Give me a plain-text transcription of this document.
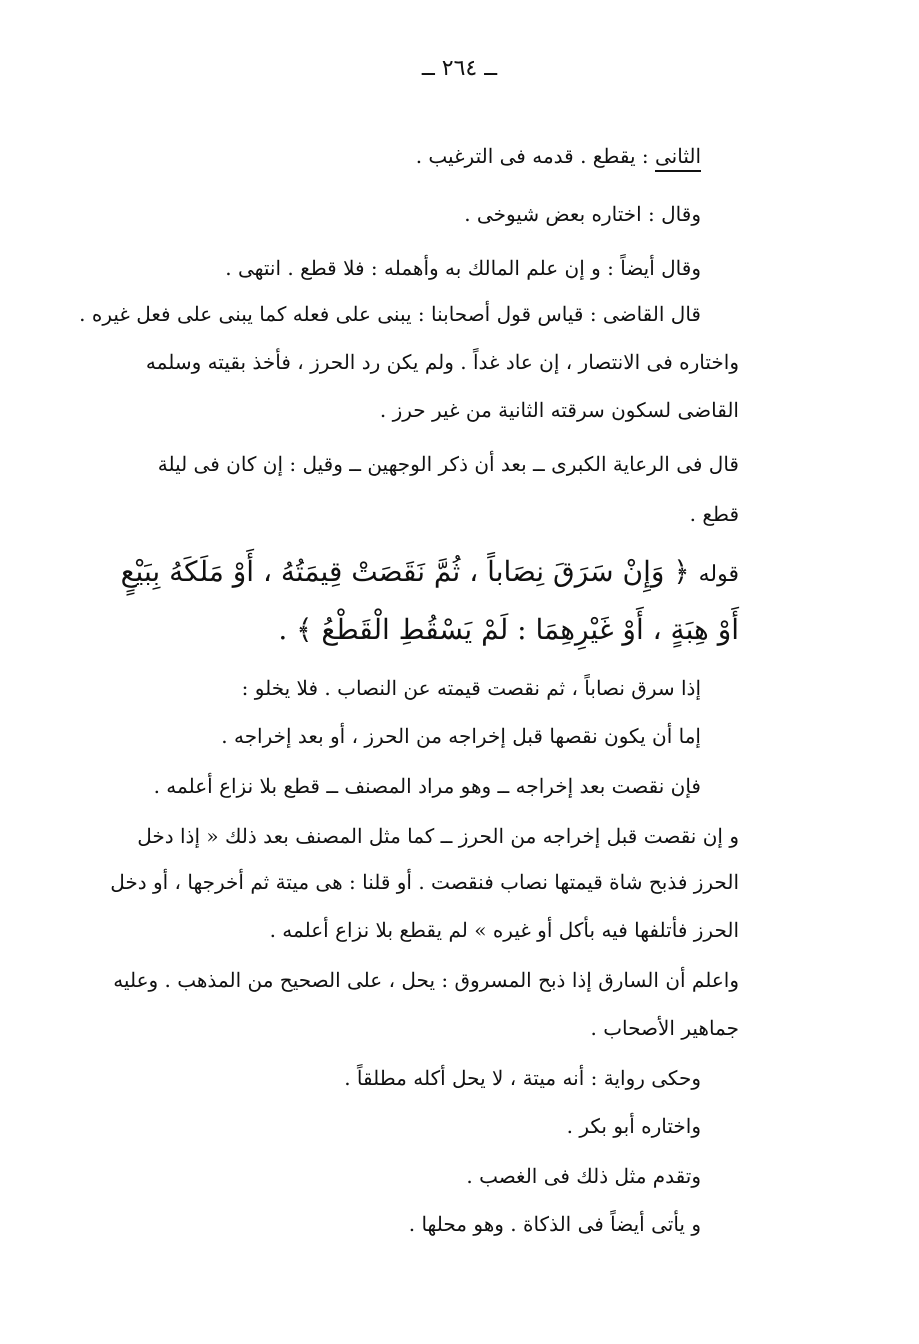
ــ ٢٦٤ ــ

الثانى : يقطع . قدمه فى الترغيب .

وقال : اختاره بعض شيوخى .

وقال أيضاً : و إن علم المالك به وأهمله : فلا قطع . انتهى .

قال القاضى : قياس قول أصحابنا : يبنى على فعله كما يبنى على فعل غيره .

واختاره فى الانتصار ، إن عاد غداً . ولم يكن رد الحرز ، فأخذ بقيته وسلمه

القاضى لسكون سرقته الثانية من غير حرز .

قال فى الرعاية الكبرى ــ بعد أن ذكر الوجهين ــ وقيل : إن كان فى ليلة

قطع .

قوله ﴿ وَإِنْ سَرَقَ نِصَاباً ، ثُمَّ نَقَصَتْ قِيمَتُهُ ، أَوْ مَلَكَهُ بِبَيْعٍ

أَوْ هِبَةٍ ، أَوْ غَيْرِهِمَا : لَمْ يَسْقُطِ الْقَطْعُ ﴾ .

إذا سرق نصاباً ، ثم نقصت قيمته عن النصاب . فلا يخلو :

إما أن يكون نقصها قبل إخراجه من الحرز ، أو بعد إخراجه .

فإن نقصت بعد إخراجه ــ وهو مراد المصنف ــ قطع بلا نزاع أعلمه .

و إن نقصت قبل إخراجه من الحرز ــ كما مثل المصنف بعد ذلك « إذا دخل

الحرز فذبح شاة قيمتها نصاب فنقصت . أو قلنا : هى ميتة ثم أخرجها ، أو دخل

الحرز فأتلفها فيه بأكل أو غيره » لم يقطع بلا نزاع أعلمه .

واعلم أن السارق إذا ذبح المسروق : يحل ، على الصحيح من المذهب . وعليه

جماهير الأصحاب .

وحكى رواية : أنه ميتة ، لا يحل أكله مطلقاً .

واختاره أبو بكر .

وتقدم مثل ذلك فى الغصب .

و يأتى أيضاً فى الذكاة . وهو محلها .
